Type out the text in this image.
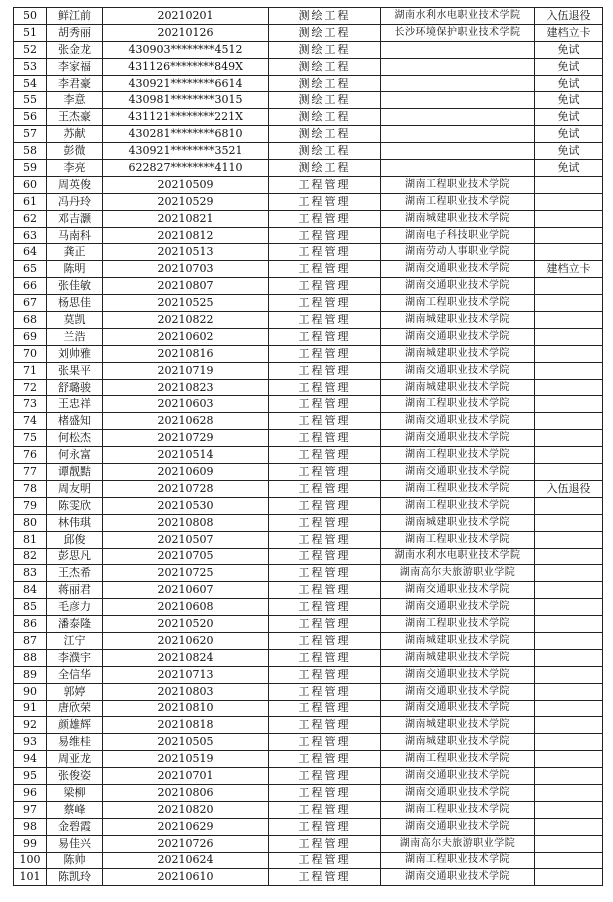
50	鲜江前	20210201	测绘工程	湖南水利水电职业技术学院	入伍退役
51	胡秀丽	20210126	测绘工程	长沙环境保护职业技术学院	建档立卡
52	张金龙	430903********4512	测绘工程		免试
53	李家福	431126********849X	测绘工程		免试
54	李君豪	430921********6614	测绘工程		免试
55	李意	430981********3015	测绘工程		免试
56	王杰豪	431121********221X	测绘工程		免试
57	苏献	430281********6810	测绘工程		免试
58	彭微	430921********3521	测绘工程		免试
59	李亮	622827********4110	测绘工程		免试
60	周英俊	20210509	工程管理	湖南工程职业技术学院	
61	冯丹玲	20210529	工程管理	湖南工程职业技术学院	
62	邓吉灏	20210821	工程管理	湖南城建职业技术学院	
63	马南科	20210812	工程管理	湖南电子科技职业学院	
64	龚正	20210513	工程管理	湖南劳动人事职业学院	
65	陈明	20210703	工程管理	湖南交通职业技术学院	建档立卡
66	张佳敏	20210807	工程管理	湖南交通职业技术学院	
67	杨思佳	20210525	工程管理	湖南工程职业技术学院	
68	莫凯	20210822	工程管理	湖南城建职业技术学院	
69	兰浩	20210602	工程管理	湖南交通职业技术学院	
70	刘帅雅	20210816	工程管理	湖南城建职业技术学院	
71	张果平	20210719	工程管理	湖南交通职业技术学院	
72	舒璐骏	20210823	工程管理	湖南城建职业技术学院	
73	王忠祥	20210603	工程管理	湖南工程职业技术学院	
74	楮盛知	20210628	工程管理	湖南交通职业技术学院	
75	何松杰	20210729	工程管理	湖南交通职业技术学院	
76	何永富	20210514	工程管理	湖南工程职业技术学院	
77	谭靓黠	20210609	工程管理	湖南交通职业技术学院	
78	周友明	20210728	工程管理	湖南工程职业技术学院	入伍退役
79	陈雯欣	20210530	工程管理	湖南工程职业技术学院	
80	林伟琪	20210808	工程管理	湖南城建职业技术学院	
81	邱俊	20210507	工程管理	湖南工程职业技术学院	
82	彭思凡	20210705	工程管理	湖南水利水电职业技术学院	
83	王杰希	20210725	工程管理	湖南高尔夫旅游职业学院	
84	蒋丽君	20210607	工程管理	湖南交通职业技术学院	
85	毛彦力	20210608	工程管理	湖南交通职业技术学院	
86	潘泰隆	20210520	工程管理	湖南工程职业技术学院	
87	江宁	20210620	工程管理	湖南城建职业技术学院	
88	李濮宇	20210824	工程管理	湖南城建职业技术学院	
89	全信华	20210713	工程管理	湖南交通职业技术学院	
90	郭婷	20210803	工程管理	湖南交通职业技术学院	
91	唐欣荣	20210810	工程管理	湖南交通职业技术学院	
92	颜雄辉	20210818	工程管理	湖南城建职业技术学院	
93	易维桂	20210505	工程管理	湖南城建职业技术学院	
94	周亚龙	20210519	工程管理	湖南工程职业技术学院	
95	张俊姿	20210701	工程管理	湖南交通职业技术学院	
96	梁柳	20210806	工程管理	湖南交通职业技术学院	
97	蔡峰	20210820	工程管理	湖南工程职业技术学院	
98	金碧霞	20210629	工程管理	湖南交通职业技术学院	
99	易佳兴	20210726	工程管理	湖南高尔夫旅游职业学院	
100	陈帅	20210624	工程管理	湖南工程职业技术学院	
101	陈凯玲	20210610	工程管理	湖南交通职业技术学院	
